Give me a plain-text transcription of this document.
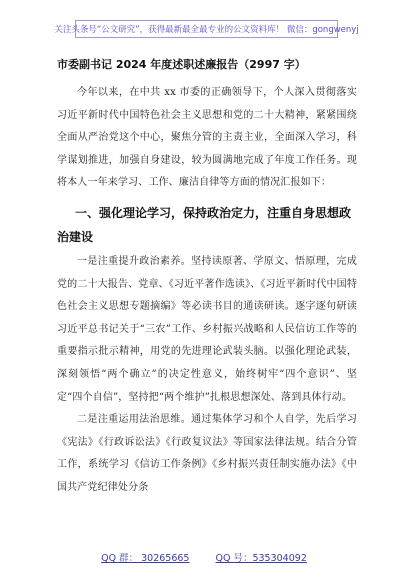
关注头条号“公文研究”，获得最新最全最专业的公文资料库！ 微信：gongwenyj
市委副书记 2024 年度述职述廉报告（2997 字）

今年以来，在中共 xx 市委的正确领导下，个人深入贯彻落实习近平新时代中国特色社会主义思想和党的二十大精神，紧紧围绕全面从严治党这个中心，聚焦分管的主责主业，全面深入学习，科学谋划推进，加强自身建设，较为圆满地完成了年度工作任务。现将本人一年来学习、工作、廉洁自律等方面的情况汇报如下：

一、强化理论学习，保持政治定力，注重自身思想政治建设

一是注重提升政治素养。坚持读原著、学原文、悟原理，完成党的二十大报告、党章、《习近平著作选读》、《习近平新时代中国特色社会主义思想专题摘编》等必读书目的通读研读。逐字逐句研读习近平总书记关于“三农”工作、乡村振兴战略和人民信访工作等的重要指示批示精神，用党的先进理论武装头脑。以强化理论武装，深刻领悟“两个确立”的决定性意义，始终树牢“四个意识”、坚定“四个自信”，坚持把“两个维护”扎根思想深处、落到具体行动。

二是注重运用法治思维。通过集体学习和个人自学，先后学习《宪法》《行政诉讼法》《行政复议法》等国家法律法规。结合分管工作，系统学习《信访工作条例》《乡村振兴责任制实施办法》《中国共产党纪律处分条

QQ 群： 30265665	QQ 号：535304092
